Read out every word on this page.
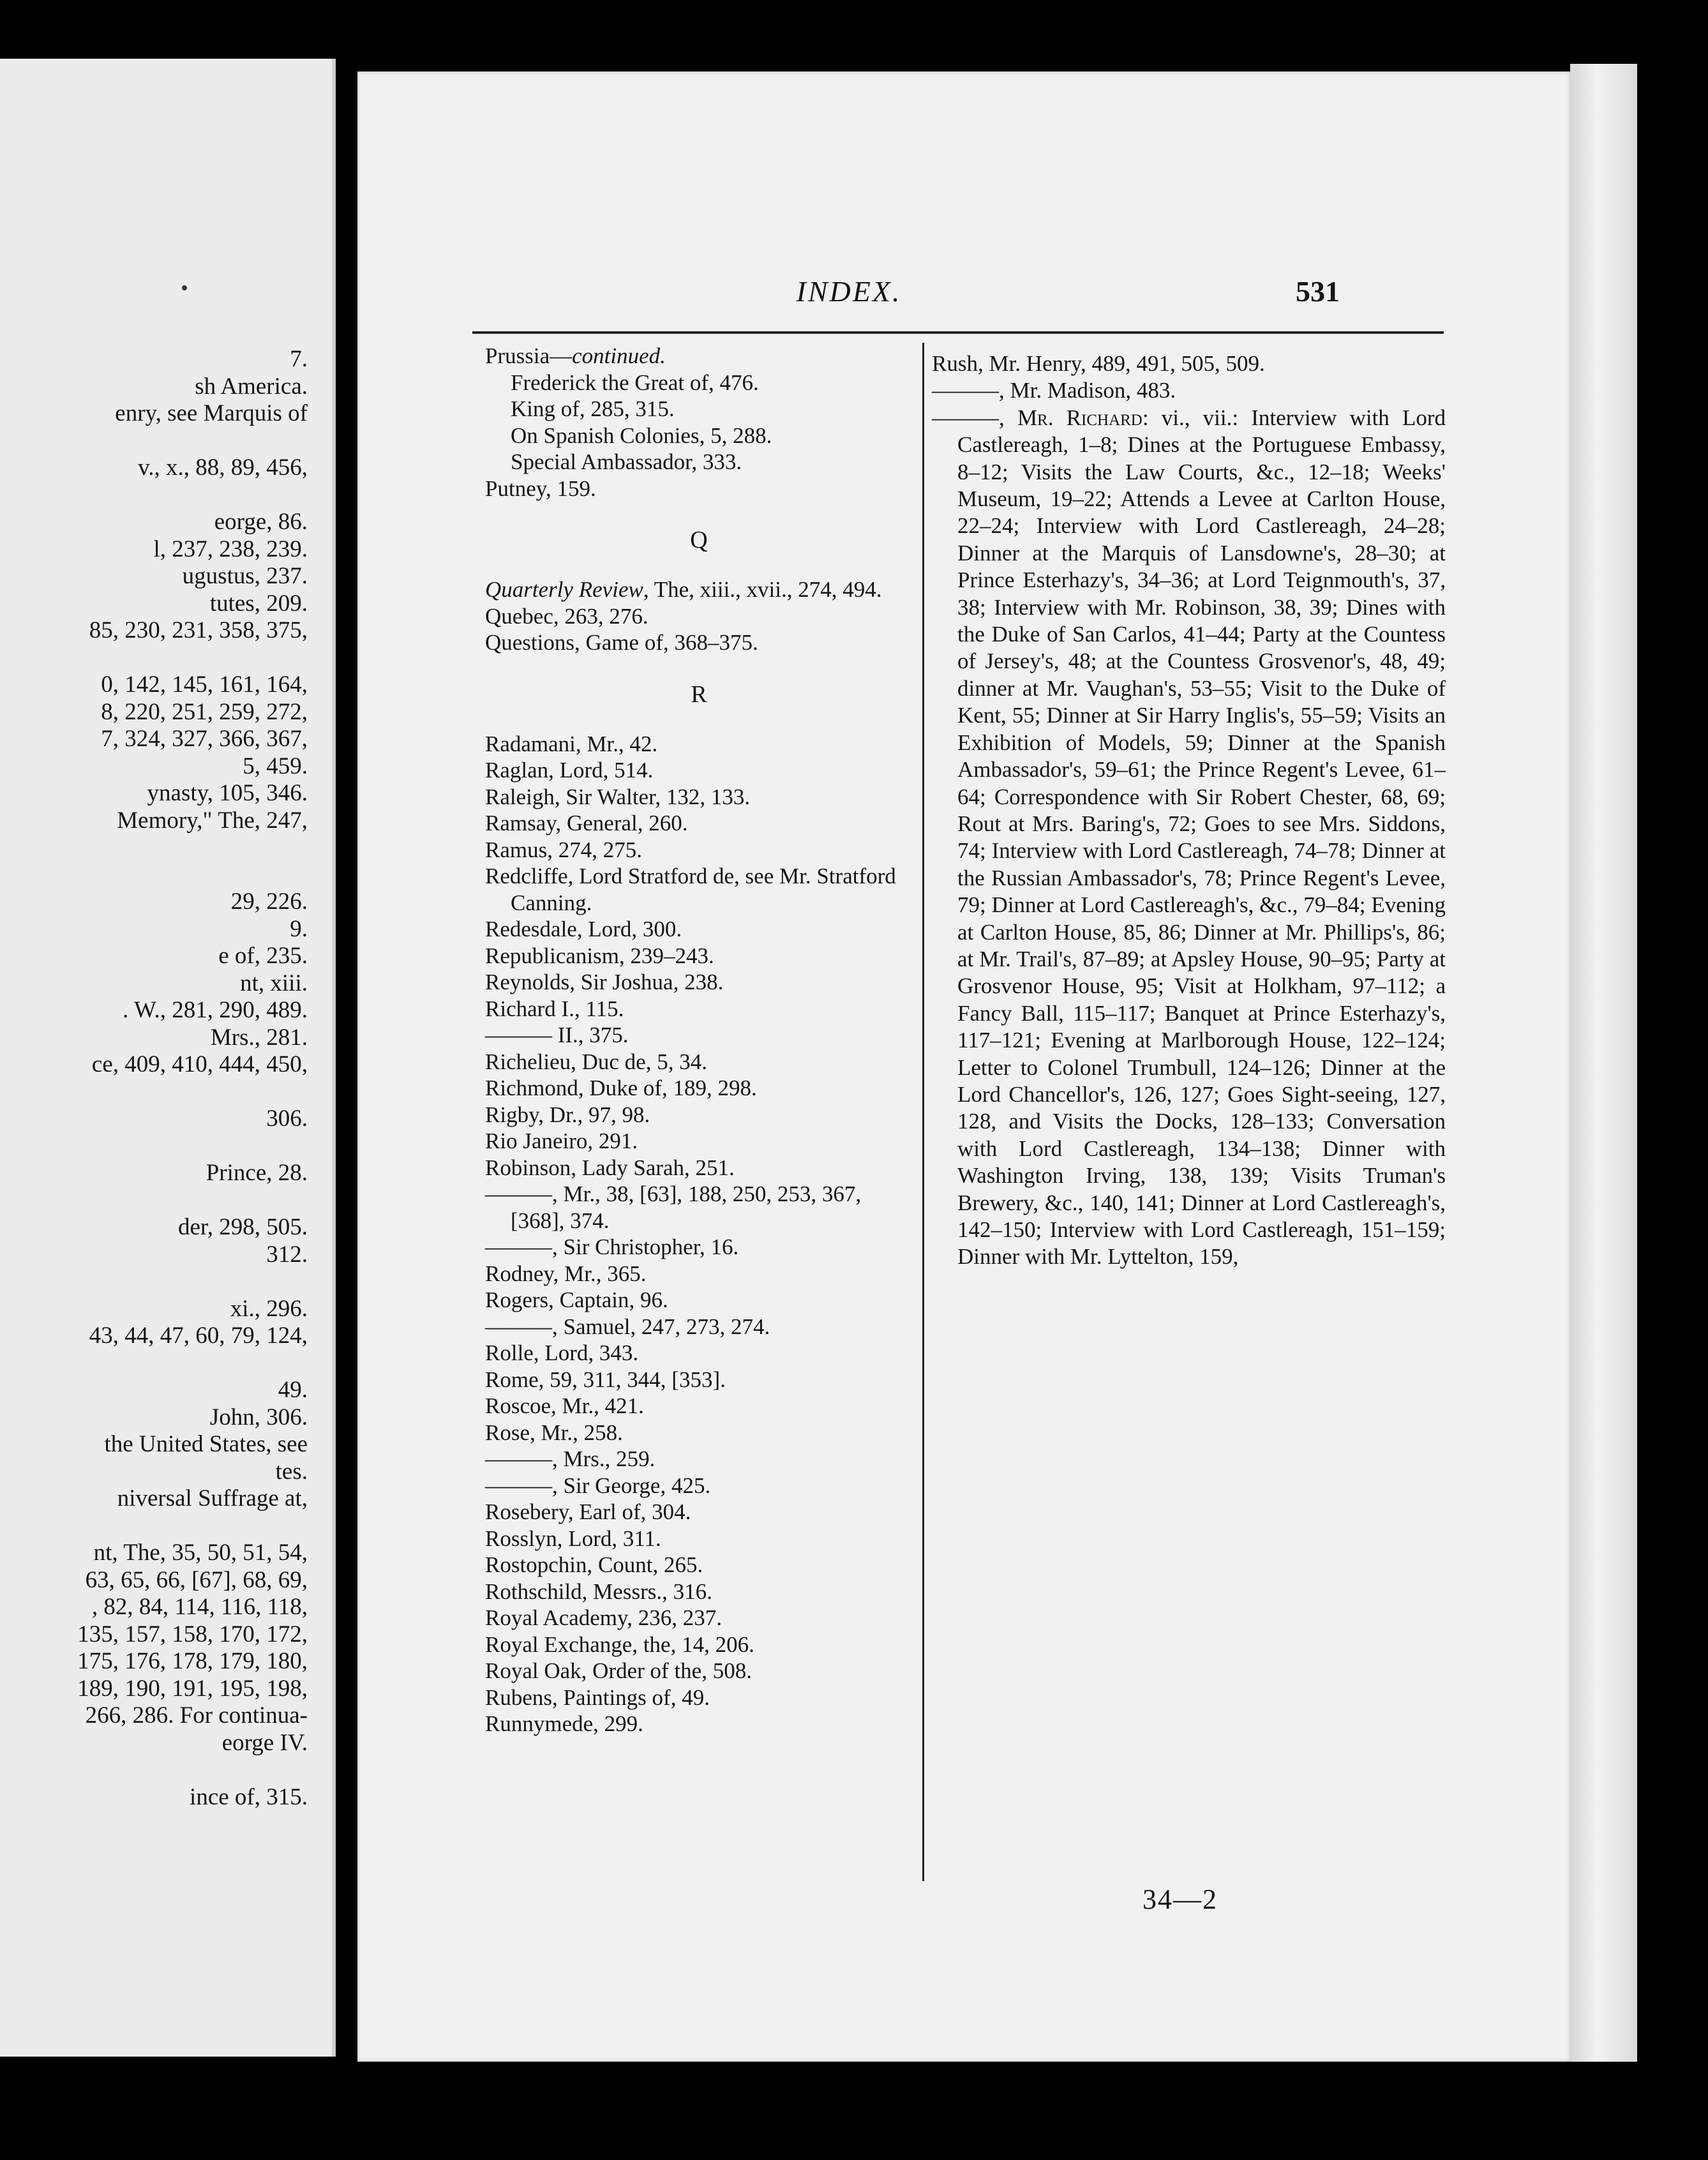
7.
sh America.
enry, see Marquis of
v., x., 88, 89, 456,
eorge, 86.
l, 237, 238, 239.
ugustus, 237.
tutes, 209.
85, 230, 231, 358, 375,
0, 142, 145, 161, 164,
8, 220, 251, 259, 272,
7, 324, 327, 366, 367,
5, 459.
ynasty, 105, 346.
Memory," The, 247,
29, 226.
9.
e of, 235.
nt, xiii.
. W., 281, 290, 489.
Mrs., 281.
ce, 409, 410, 444, 450,
306.
Prince, 28.
der, 298, 505.
312.
xi., 296.
43, 44, 47, 60, 79, 124,
49.
John, 306.
the United States, see
tes.
niversal Suffrage at,
nt, The, 35, 50, 51, 54,
63, 65, 66, [67], 68, 69,
, 82, 84, 114, 116, 118,
135, 157, 158, 170, 172,
175, 176, 178, 179, 180,
189, 190, 191, 195, 198,
266, 286. For continua-
eorge IV.
ince of, 315.
INDEX.	531
Prussia—continued.
Frederick the Great of, 476.
King of, 285, 315.
On Spanish Colonies, 5, 288.
Special Ambassador, 333.
Putney, 159.
Q
Quarterly Review, The, xiii., xvii., 274, 494.
Quebec, 263, 276.
Questions, Game of, 368–375.
R
Radamani, Mr., 42.
Raglan, Lord, 514.
Raleigh, Sir Walter, 132, 133.
Ramsay, General, 260.
Ramus, 274, 275.
Redcliffe, Lord Stratford de, see Mr. Stratford Canning.
Redesdale, Lord, 300.
Republicanism, 239–243.
Reynolds, Sir Joshua, 238.
Richard I., 115.
——— II., 375.
Richelieu, Duc de, 5, 34.
Richmond, Duke of, 189, 298.
Rigby, Dr., 97, 98.
Rio Janeiro, 291.
Robinson, Lady Sarah, 251.
———, Mr., 38, [63], 188, 250, 253, 367, [368], 374.
———, Sir Christopher, 16.
Rodney, Mr., 365.
Rogers, Captain, 96.
———, Samuel, 247, 273, 274.
Rolle, Lord, 343.
Rome, 59, 311, 344, [353].
Roscoe, Mr., 421.
Rose, Mr., 258.
———, Mrs., 259.
———, Sir George, 425.
Rosebery, Earl of, 304.
Rosslyn, Lord, 311.
Rostopchin, Count, 265.
Rothschild, Messrs., 316.
Royal Academy, 236, 237.
Royal Exchange, the, 14, 206.
Royal Oak, Order of the, 508.
Rubens, Paintings of, 49.
Runnymede, 299.
Rush, Mr. Henry, 489, 491, 505, 509.
———, Mr. Madison, 483.
———, Mr. Richard: vi., vii.: Interview with Lord Castlereagh, 1–8; Dines at the Portuguese Embassy, 8–12; Visits the Law Courts, &c., 12–18; Weeks' Museum, 19–22; Attends a Levee at Carlton House, 22–24; Interview with Lord Castlereagh, 24–28; Dinner at the Marquis of Lansdowne's, 28–30; at Prince Esterhazy's, 34–36; at Lord Teignmouth's, 37, 38; Interview with Mr. Robinson, 38, 39; Dines with the Duke of San Carlos, 41–44; Party at the Countess of Jersey's, 48; at the Countess Grosvenor's, 48, 49; dinner at Mr. Vaughan's, 53–55; Visit to the Duke of Kent, 55; Dinner at Sir Harry Inglis's, 55–59; Visits an Exhibition of Models, 59; Dinner at the Spanish Ambassador's, 59–61; the Prince Regent's Levee, 61–64; Correspondence with Sir Robert Chester, 68, 69; Rout at Mrs. Baring's, 72; Goes to see Mrs. Siddons, 74; Interview with Lord Castlereagh, 74–78; Dinner at the Russian Ambassador's, 78; Prince Regent's Levee, 79; Dinner at Lord Castlereagh's, &c., 79–84; Evening at Carlton House, 85, 86; Dinner at Mr. Phillips's, 86; at Mr. Trail's, 87–89; at Apsley House, 90–95; Party at Grosvenor House, 95; Visit at Holkham, 97–112; a Fancy Ball, 115–117; Banquet at Prince Esterhazy's, 117–121; Evening at Marlborough House, 122–124; Letter to Colonel Trumbull, 124–126; Dinner at the Lord Chancellor's, 126, 127; Goes Sight-seeing, 127, 128, and Visits the Docks, 128–133; Conversation with Lord Castlereagh, 134–138; Dinner with Washington Irving, 138, 139; Visits Truman's Brewery, &c., 140, 141; Dinner at Lord Castlereagh's, 142–150; Interview with Lord Castlereagh, 151–159; Dinner with Mr. Lyttelton, 159,
34—2
